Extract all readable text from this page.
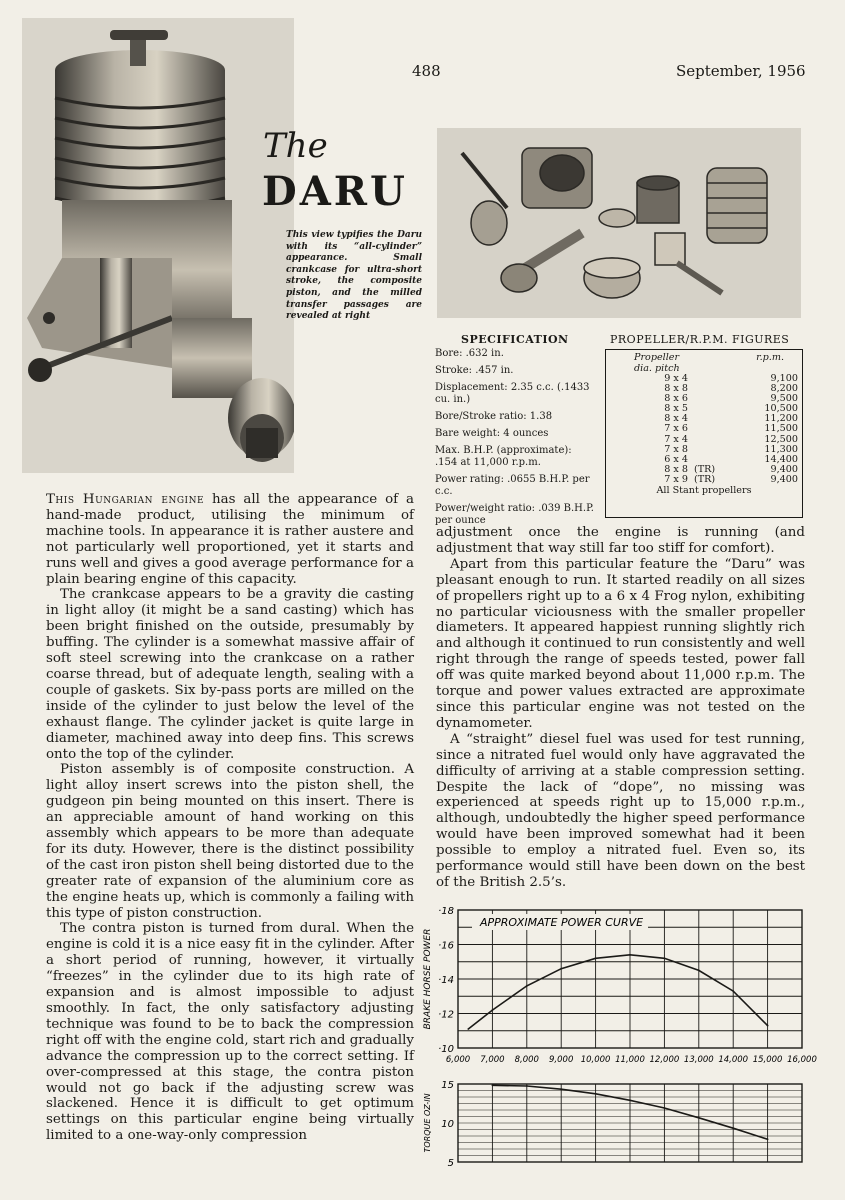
488	September, 1956
The
DARU
This view typifies the Daru with its “all-cylinder” appearance. Small crankcase for ultra-short stroke, the composite piston, and the milled transfer passages are revealed at right
SPECIFICATION
Bore: .632 in.
Stroke: .457 in.
Displacement: 2.35 c.c. (.1433 cu. in.)
Bore/Stroke ratio: 1.38
Bare weight: 4 ounces
Max. B.H.P. (approximate): .154 at 11,000 r.p.m.
Power rating: .0655 B.H.P. per c.c.
Power/weight ratio: .039 B.H.P. per ounce
PROPELLER/R.P.M. FIGURES
Propeller
dia. pitch
r.p.m.
9 x 4	9,100
8 x 8	8,200
8 x 6	9,500
8 x 5	10,500
8 x 4	11,200
7 x 6	11,500
7 x 4	12,500
7 x 8	11,300
6 x 4	14,400
8 x 8 (TR)	9,400
7 x 9 (TR)	9,400
All Stant propellers

This Hungarian engine has all the appearance of a hand-made product, utilising the minimum of machine tools. In appearance it is rather austere and not particularly well proportioned, yet it starts and runs well and gives a good average performance for a plain bearing engine of this capacity.

The crankcase appears to be a gravity die casting in light alloy (it might be a sand casting) which has been bright finished on the outside, presumably by buffing. The cylinder is a somewhat massive affair of soft steel screwing into the crankcase on a rather coarse thread, but of adequate length, sealing with a couple of gaskets. Six by-pass ports are milled on the inside of the cylinder to just below the level of the exhaust flange. The cylinder jacket is quite large in diameter, machined away into deep fins. This screws onto the top of the cylinder.

Piston assembly is of composite construction. A light alloy insert screws into the piston shell, the gudgeon pin being mounted on this insert. There is an appreciable amount of hand working on this assembly which appears to be more than adequate for its duty. However, there is the distinct possibility of the cast iron piston shell being distorted due to the greater rate of expansion of the aluminium core as the engine heats up, which is commonly a failing with this type of piston construction.

The contra piston is turned from dural. When the engine is cold it is a nice easy fit in the cylinder. After a short period of running, however, it virtually “freezes” in the cylinder due to its high rate of expansion and is almost impossible to adjust smoothly. In fact, the only satisfactory adjusting technique was found to be to back the compression right off with the engine cold, start rich and gradually advance the compression up to the correct setting. If over-compressed at this stage, the contra piston would not go back if the adjusting screw was slackened. Hence it is difficult to get optimum settings on this particular engine being virtually limited to a one-way-only compression

adjustment once the engine is running (and adjustment that way still far too stiff for comfort).

Apart from this particular feature the “Daru” was pleasant enough to run. It started readily on all sizes of propellers right up to a 6 x 4 Frog nylon, exhibiting no particular viciousness with the smaller propeller diameters. It appeared happiest running slightly rich and although it continued to run consistently and well right through the range of speeds tested, power fall off was quite marked beyond about 11,000 r.p.m. The torque and power values extracted are approximate since this particular engine was not tested on the dynamometer.

A “straight” diesel fuel was used for test running, since a nitrated fuel would only have aggravated the difficulty of arriving at a stable compression setting. Despite the lack of “dope”, no missing was experienced at speeds right up to 15,000 r.p.m., although, undoubtedly the higher speed performance would have been improved somewhat had it been possible to employ a nitrated fuel. Even so, its performance would still have been down on the best of the British 2.5’s.

·10
·12
·14
·16
·18
6,000 7,000 8,000 9,000 10,000 11,000 12,000 13,000 14,000 15,000 16,000
BRAKE HORSE POWER
APPROXIMATE POWER CURVE
5
10
15
TORQUE OZ-IN
